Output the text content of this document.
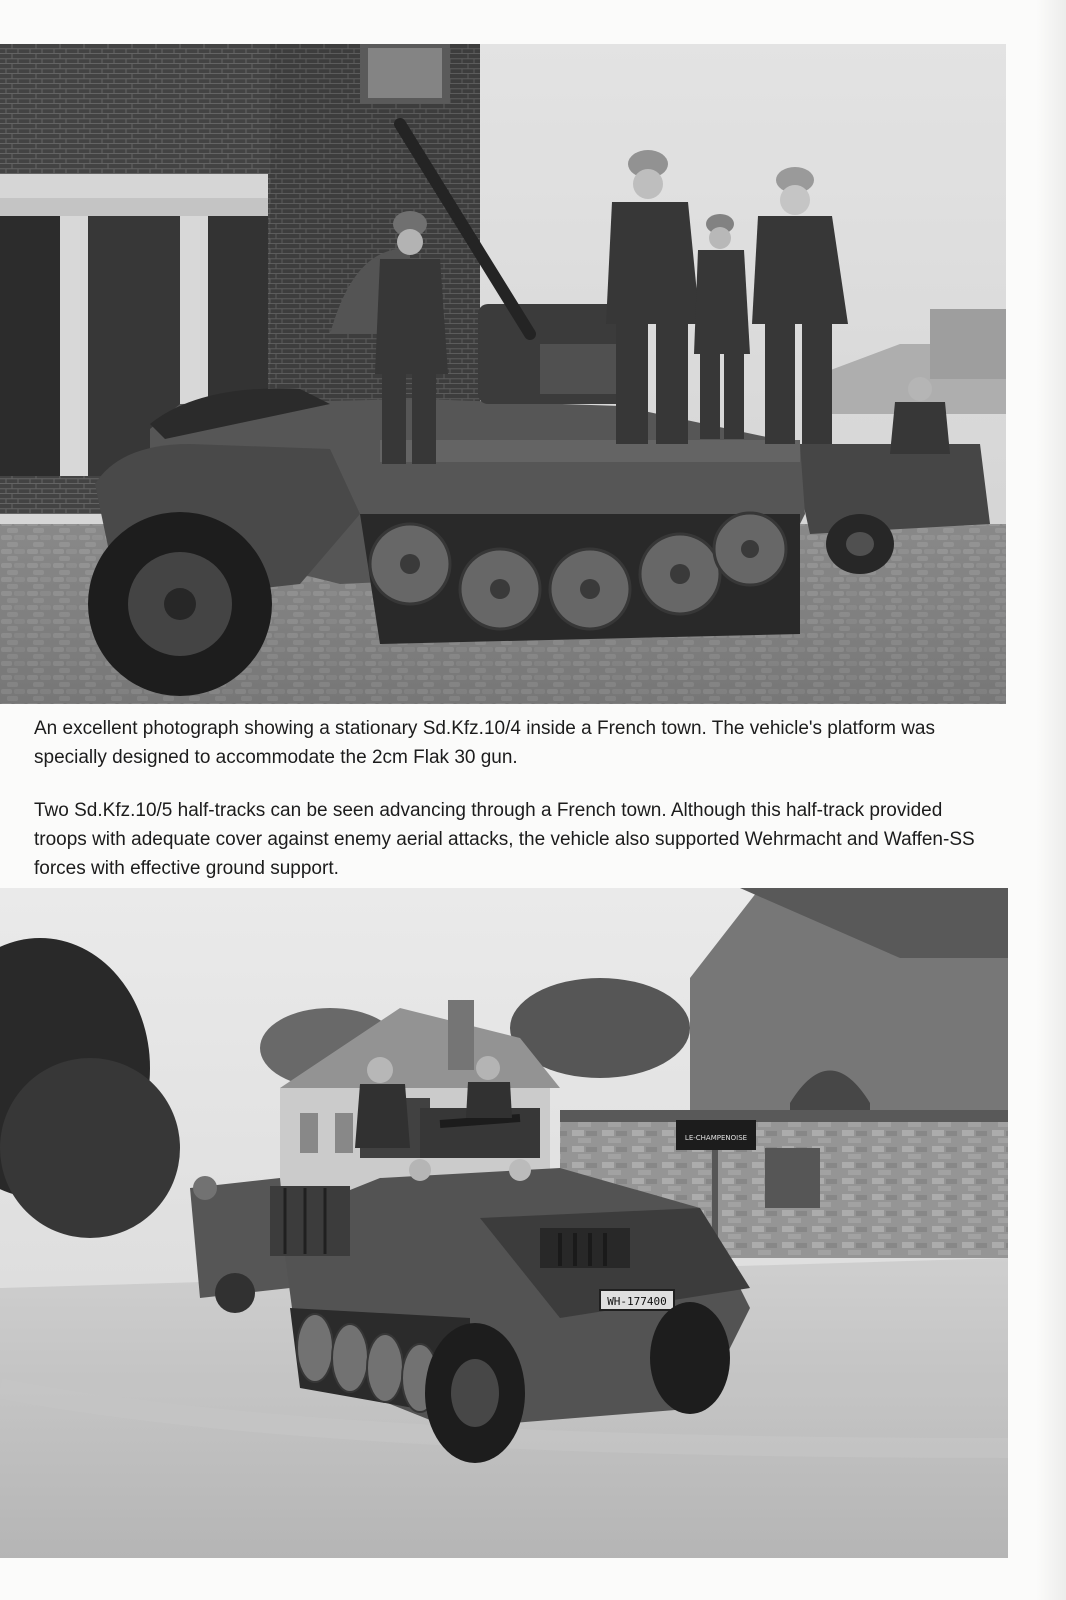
An excellent photograph showing a stationary Sd.Kfz.10/4 inside a French town. The vehicle's platform was specially designed to accommodate the 2cm Flak 30 gun.

Two Sd.Kfz.10/5 half-tracks can be seen advancing through a French town. Although this half-track provided troops with adequate cover against enemy aerial attacks, the vehicle also supported Wehrmacht and Waffen-SS forces with effective ground support.

LE-CHAMPENOISE
WH-177400
